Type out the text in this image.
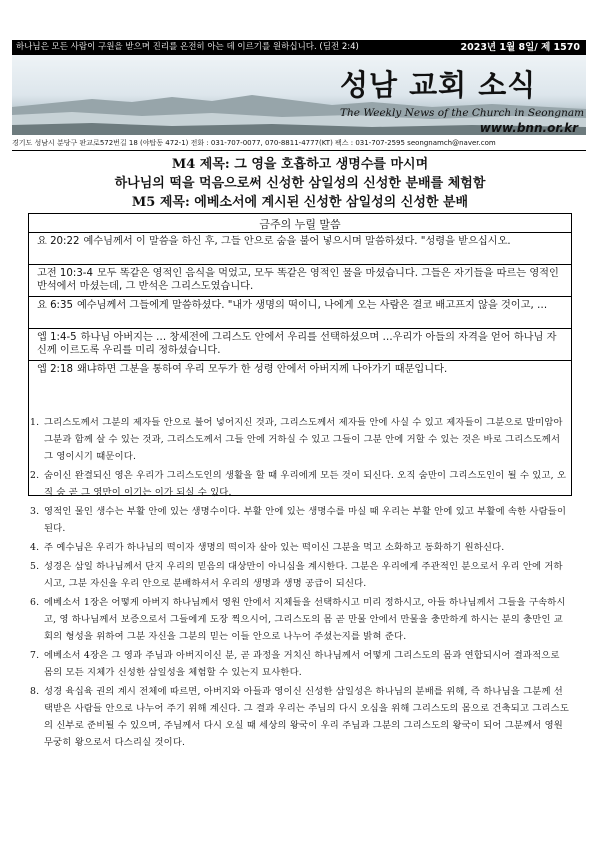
하나님은 모든 사람이 구원을 받으며 진리를 온전히 아는 데 이르기를 원하십니다. (딤전 2:4)	2023년 1월 8일/ 제 1570
성남 교회 소식
The Weekly News of the Church in Seongnam
www.bnn.or.kr
경기도 성남시 분당구 판교로572번길 18 (야탑동 472-1) 전화 : 031-707-0077, 070-8811-4777(KT) 팩스 : 031-707-2595 seongnamch@naver.com
M4 제목: 그 영을 호흡하고 생명수를 마시며
하나님의 떡을 먹음으로써 신성한 삼일성의 신성한 분배를 체험함
M5 제목: 에베소서에 계시된 신성한 삼일성의 신성한 분배
금주의 누릴 말씀
요 20:22 예수님께서 이 말씀을 하신 후, 그들 안으로 숨을 불어 넣으시며 말씀하셨다. "성령을 받으십시오.
고전 10:3-4 모두 똑같은 영적인 음식을 먹었고, 모두 똑같은 영적인 물을 마셨습니다. 그들은 자기들을 따르는 영적인 반석에서 마셨는데, 그 반석은 그리스도였습니다.
요 6:35 예수님께서 그들에게 말씀하셨다. "내가 생명의 떡이니, 나에게 오는 사람은 결코 배고프지 않을 것이고, …
엡 1:4-5 하나님 아버지는 … 창세전에 그리스도 안에서 우리를 선택하셨으며 …우리가 아들의 자격을 얻어 하나님 자신께 이르도록 우리를 미리 정하셨습니다.
엡 2:18 왜냐하면 그분을 통하여 우리 모두가 한 성령 안에서 아버지께 나아가기 때문입니다.
1. 그리스도께서 그분의 제자들 안으로 불어 넣어지신 것과, 그리스도께서 제자들 안에 사실 수 있고 제자들이 그분으로 말미암아 그분과 함께 살 수 있는 것과, 그리스도께서 그들 안에 거하실 수 있고 그들이 그분 안에 거할 수 있는 것은 바로 그리스도께서 그 영이시기 때문이다.
2. 숨이신 완결되신 영은 우리가 그리스도인의 생활을 할 때 우리에게 모든 것이 되신다. 오직 숨만이 그리스도인이 될 수 있고, 오직 숨 곧 그 영만이 이기는 이가 되실 수 있다.
3. 영적인 물인 생수는 부활 안에 있는 생명수이다. 부활 안에 있는 생명수를 마실 때 우리는 부활 안에 있고 부활에 속한 사람들이 된다.
4. 주 예수님은 우리가 하나님의 떡이자 생명의 떡이자 살아 있는 떡이신 그분을 먹고 소화하고 동화하기 원하신다.
5. 성경은 삼일 하나님께서 단지 우리의 믿음의 대상만이 아니심을 계시한다. 그분은 우리에게 주관적인 분으로서 우리 안에 거하시고, 그분 자신을 우리 안으로 분배하셔서 우리의 생명과 생명 공급이 되신다.
6. 에베소서 1장은 어떻게 아버지 하나님께서 영원 안에서 지체들을 선택하시고 미리 정하시고, 아들 하나님께서 그들을 구속하시고, 영 하나님께서 보증으로서 그들에게 도장 찍으시어, 그리스도의 몸 곧 만물 안에서 만물을 충만하게 하시는 분의 충만인 교회의 형성을 위하여 그분 자신을 그분의 믿는 이들 안으로 나누어 주셨는지를 밝혀 준다.
7. 에베소서 4장은 그 영과 주님과 아버지이신 분, 곧 과정을 거치신 하나님께서 어떻게 그리스도의 몸과 연합되시어 결과적으로 몸의 모든 지체가 신성한 삼일성을 체험할 수 있는지 묘사한다.
8. 성경 육십육 권의 계시 전체에 따르면, 아버지와 아들과 영이신 신성한 삼일성은 하나님의 분배를 위해, 즉 하나님을 그분께 선택받은 사람들 안으로 나누어 주기 위해 계신다. 그 결과 우리는 주님의 다시 오심을 위해 그리스도의 몸으로 건축되고 그리스도의 신부로 준비될 수 있으며, 주님께서 다시 오실 때 세상의 왕국이 우리 주님과 그분의 그리스도의 왕국이 되어 그분께서 영원무궁히 왕으로서 다스리실 것이다.
